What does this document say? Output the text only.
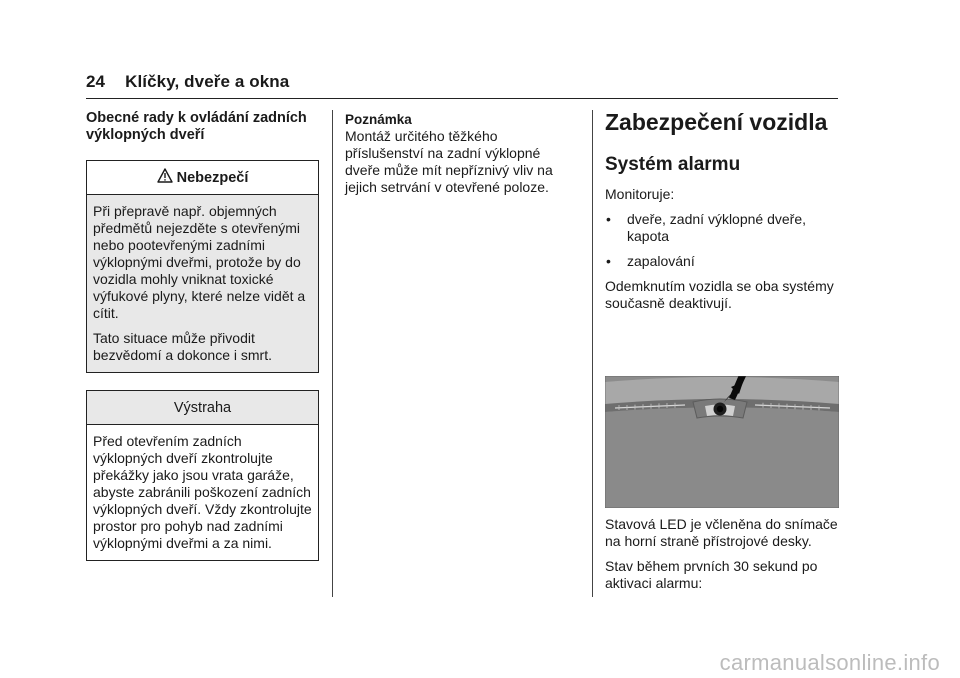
24 Klíčky, dveře a okna
Obecné rady k ovládání zadních výklopných dveří
Nebezpečí

Při přepravě např. objemných předmětů nejezděte s otevřenými nebo pootevřenými zadními výklopnými dveřmi, protože by do vozidla mohly vniknat toxické výfukové plyny, které nelze vidět a cítit.

Tato situace může přivodit bezvědomí a dokonce i smrt.

Výstraha

Před otevřením zadních výklopných dveří zkontrolujte překážky jako jsou vrata garáže, abyste zabránili poškození zadních výklopných dveří. Vždy zkontrolujte prostor pro pohyb nad zadními výklopnými dveřmi a za nimi.

Poznámka

Montáž určitého těžkého příslušenství na zadní výklopné dveře může mít nepříznivý vliv na jejich setrvání v otevřené poloze.

Zabezpečení vozidla
Systém alarmu

Monitoruje:

• dveře, zadní výklopné dveře, kapota
• zapalování

Odemknutím vozidla se oba systémy současně deaktivují.

Stavová LED je včleněna do snímače na horní straně přístrojové desky.

Stav během prvních 30 sekund po aktivaci alarmu:

carmanualsonline.info
